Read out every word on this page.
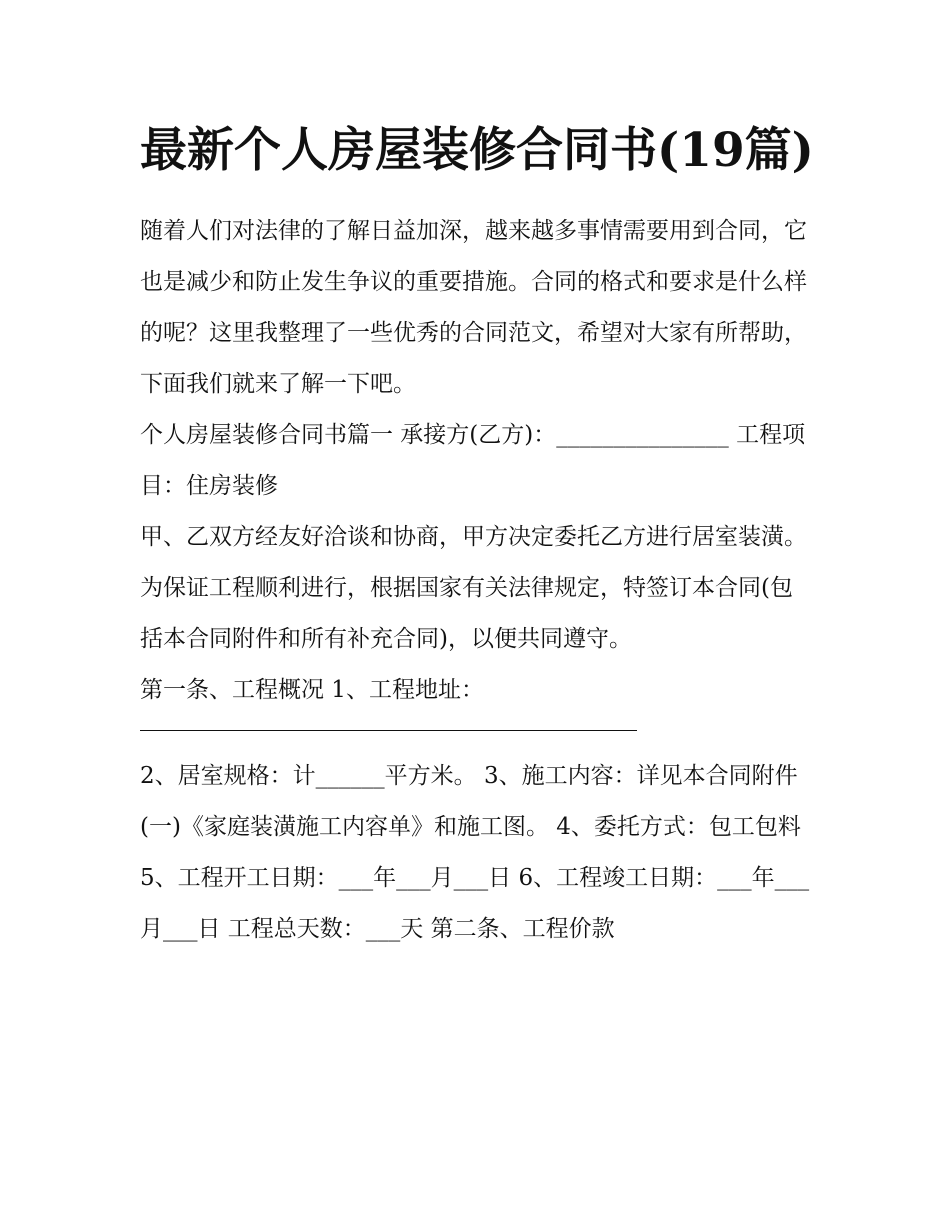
最新个人房屋装修合同书(19篇)

随着人们对法律的了解日益加深，越来越多事情需要用到合同，它也是减少和防止发生争议的重要措施。合同的格式和要求是什么样的呢？这里我整理了一些优秀的合同范文，希望对大家有所帮助，下面我们就来了解一下吧。

个人房屋装修合同书篇一 承接方(乙方)：_______________ 工程项目：住房装修

甲、乙双方经友好洽谈和协商，甲方决定委托乙方进行居室装潢。为保证工程顺利进行，根据国家有关法律规定，特签订本合同(包括本合同附件和所有补充合同)，以便共同遵守。

第一条、工程概况 1、工程地址：

2、居室规格：计______平方米。 3、施工内容：详见本合同附件(一)《家庭装潢施工内容单》和施工图。 4、委托方式：包工包料

5、工程开工日期：___年___月___日 6、工程竣工日期：___年___月___日 工程总天数：___天 第二条、工程价款
